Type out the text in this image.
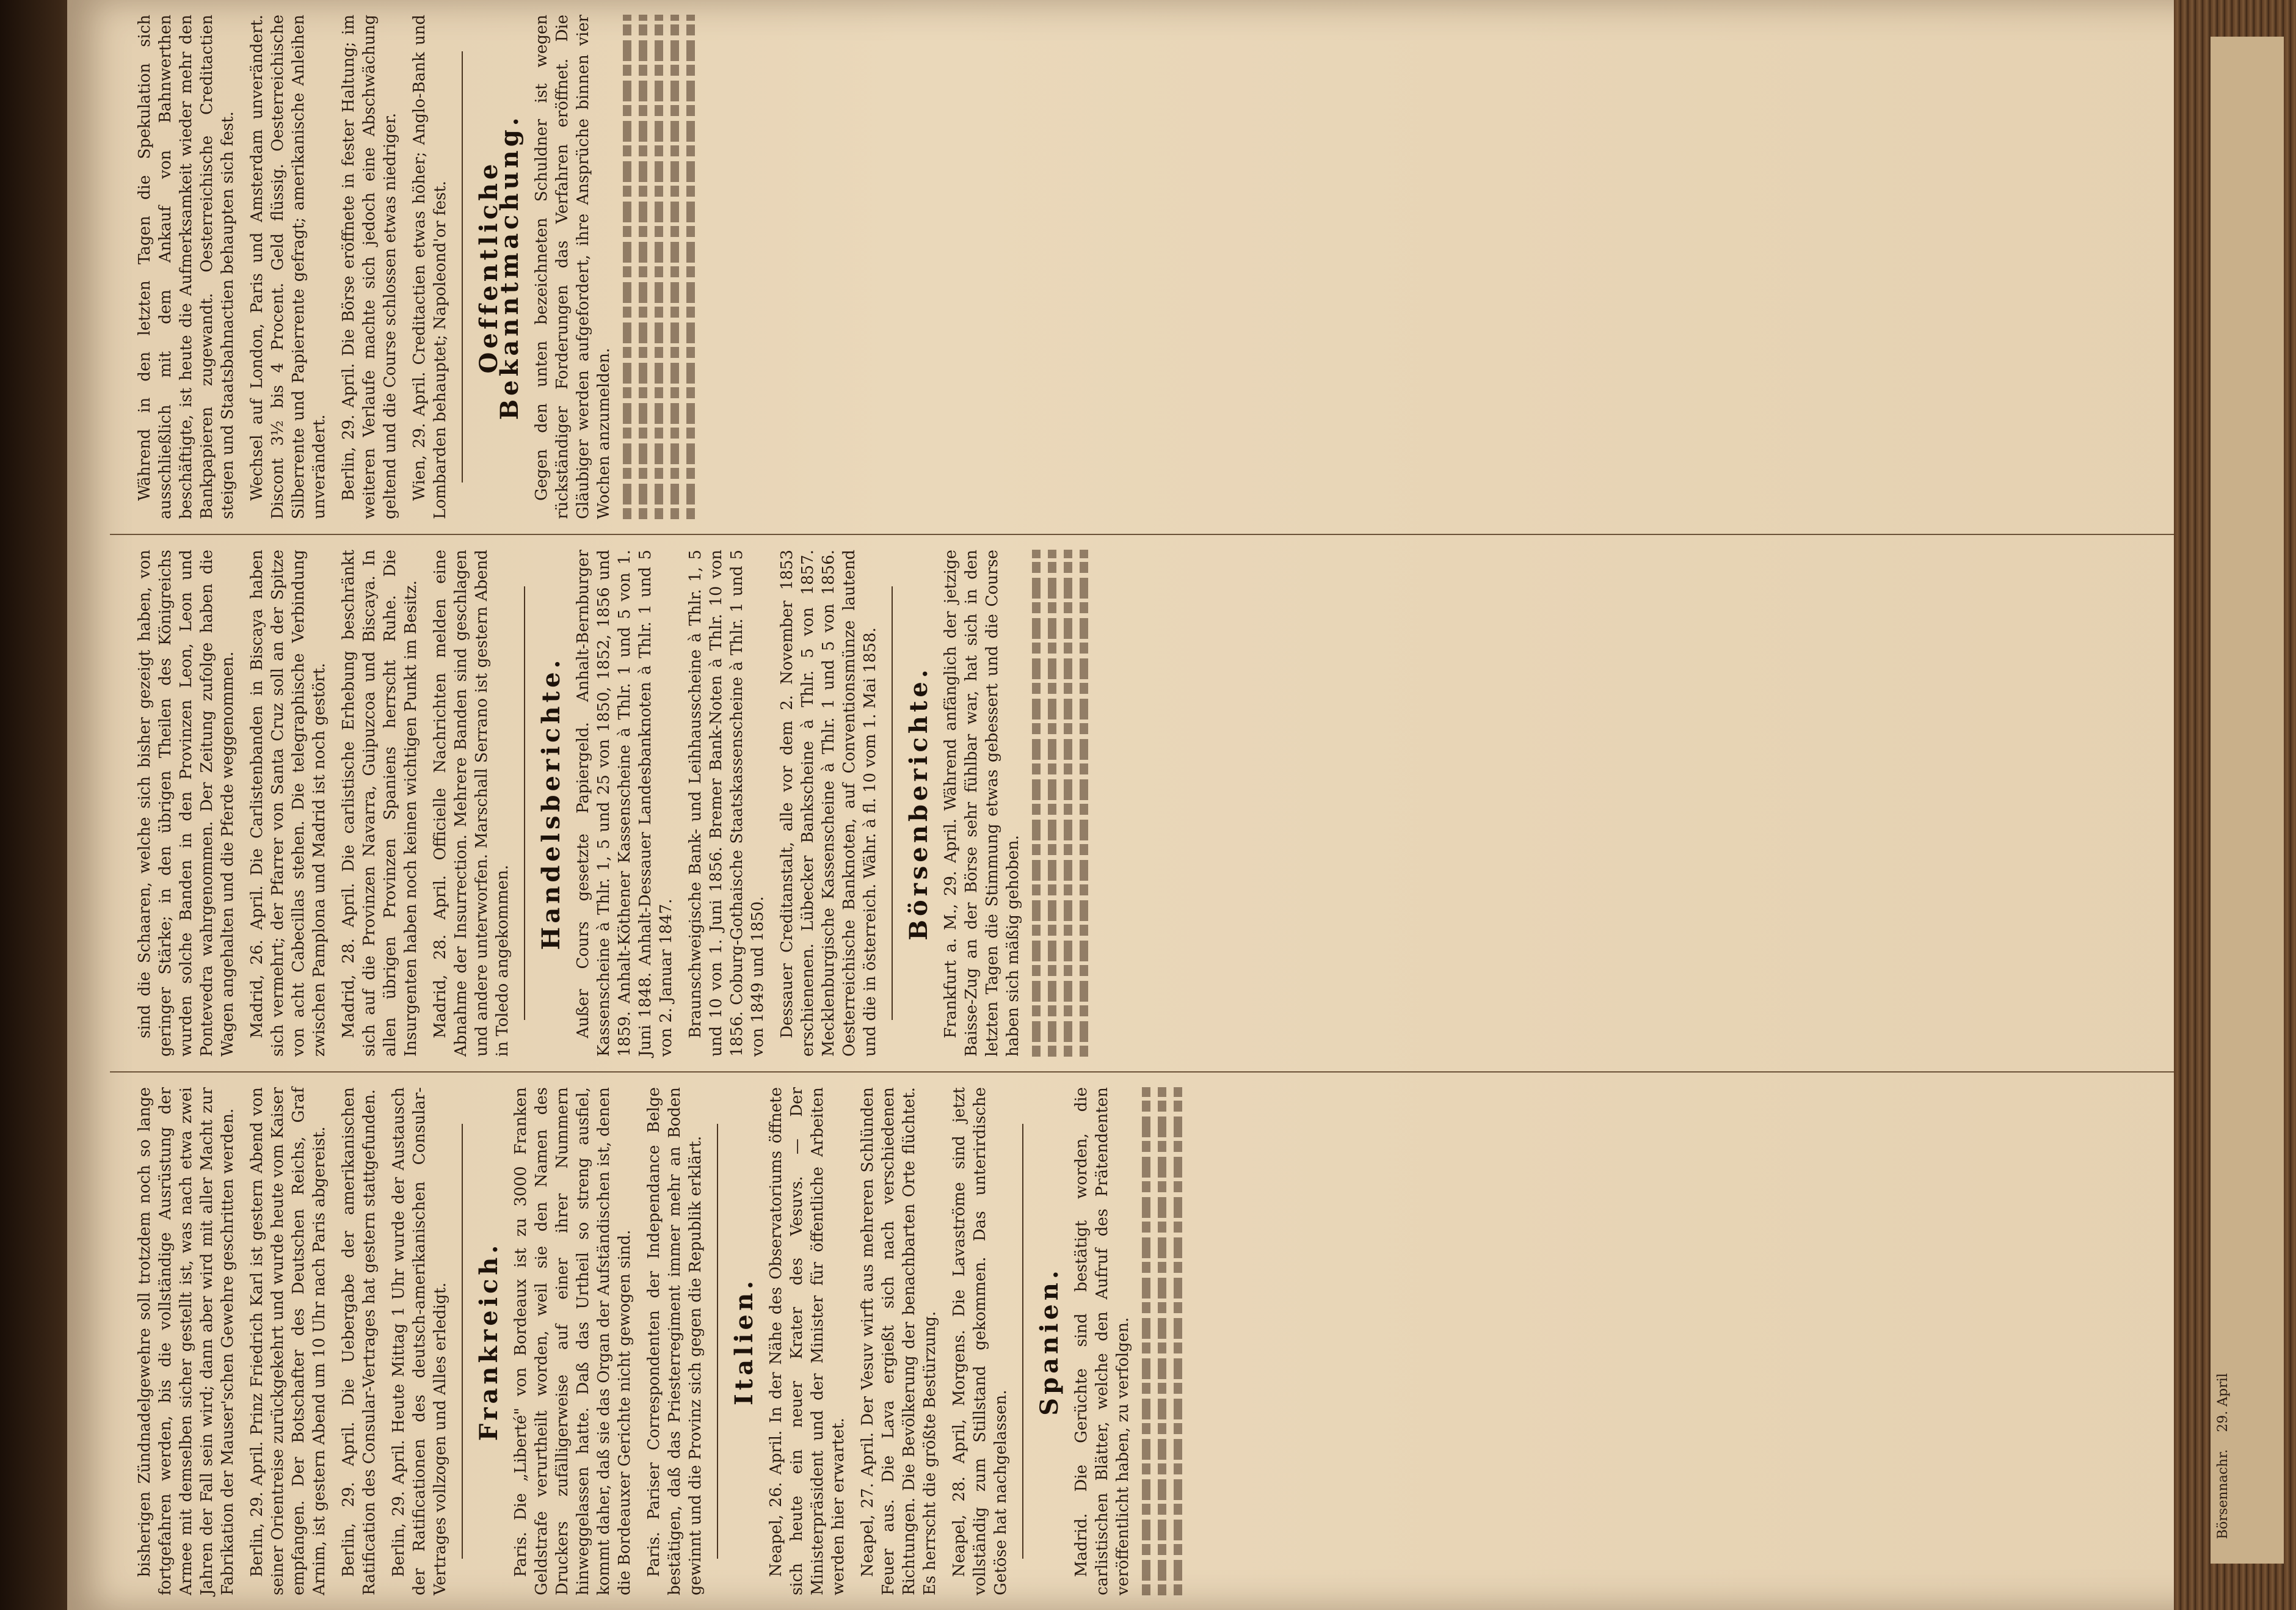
bisherigen Zündnadelgewehre soll trotzdem noch so lange fortgefahren werden, bis die vollständige Ausrüstung der Armee mit demselben sicher gestellt ist, was nach etwa zwei Jahren der Fall sein wird; dann aber wird mit aller Macht zur Fabrikation der Mauser'schen Gewehre geschritten werden. Berlin, 29. April. Prinz Friedrich Karl ist gestern Abend von seiner Orientreise zurückgekehrt und wurde heute vom Kaiser empfangen. Der Botschafter des Deutschen Reichs, Graf Arnim, ist gestern Abend um 10 Uhr nach Paris abgereist. Berlin, 29. April. Die Uebergabe der amerikanischen Ratification des Consular-Vertrages hat gestern stattgefunden. Berlin, 29. April. Heute Mittag 1 Uhr wurde der Austausch der Ratificationen des deutsch-amerikanischen Consular-Vertrages vollzogen und Alles erledigt. Frankreich. Paris. Die „Liberté" von Bordeaux ist zu 3000 Franken Geldstrafe verurtheilt worden, weil sie den Namen des Druckers zufälligerweise auf einer ihrer Nummern hinweggelassen hatte. Daß das Urtheil so streng ausfiel, kommt daher, daß sie das Organ der Aufständischen ist, denen die Bordeauxer Gerichte nicht gewogen sind. Paris. Pariser Correspondenten der Independance Belge bestätigen, daß das Priesterregiment immer mehr an Boden gewinnt und die Provinz sich gegen die Republik erklärt. Italien. Neapel, 26. April. In der Nähe des Observatoriums öffnete sich heute ein neuer Krater des Vesuvs. — Der Ministerpräsident und der Minister für öffentliche Arbeiten werden hier erwartet. Neapel, 27. April. Der Vesuv wirft aus mehreren Schlünden Feuer aus. Die Lava ergießt sich nach verschiedenen Richtungen. Die Bevölkerung der benachbarten Orte flüchtet. Es herrscht die größte Bestürzung. Neapel, 28. April, Morgens. Die Lavaströme sind jetzt vollständig zum Stillstand gekommen. Das unterirdische Getöse hat nachgelassen.

Spanien. Madrid. Die Gerüchte sind bestätigt worden, die carlistischen Blätter, welche den Aufruf des Prätendenten veröffentlicht haben, zu verfolgen.

sind die Schaaren, welche sich bisher gezeigt haben, von geringer Stärke; in den übrigen Theilen des Königreichs wurden solche Banden in den Provinzen Leon, Leon und Pontevedra wahrgenommen. Der Zeitung zufolge haben die Wagen angehalten und die Pferde weggenommen. Madrid, 26. April. Die Carlistenbanden in Biscaya haben sich vermehrt; der Pfarrer von Santa Cruz soll an der Spitze von acht Cabecillas stehen. Die telegraphische Verbindung zwischen Pamplona und Madrid ist noch gestört. Madrid, 28. April. Die carlistische Erhebung beschränkt sich auf die Provinzen Navarra, Guipuzcoa und Biscaya. In allen übrigen Provinzen Spaniens herrscht Ruhe. Die Insurgenten haben noch keinen wichtigen Punkt im Besitz. Madrid, 28. April. Officielle Nachrichten melden eine Abnahme der Insurrection. Mehrere Banden sind geschlagen und andere unterworfen. Marschall Serrano ist gestern Abend in Toledo angekommen.

Handelsberichte. Außer Cours gesetzte Papiergeld. Anhalt-Bernburger Kassenscheine à Thlr. 1, 5 und 25 von 1850, 1852, 1856 und 1859. Anhalt-Köthener Kassenscheine à Thlr. 1 und 5 von 1. Juni 1848. Anhalt-Dessauer Landesbanknoten à Thlr. 1 und 5 von 2. Januar 1847. Braunschweigische Bank- und Leihhausscheine à Thlr. 1, 5 und 10 von 1. Juni 1856. Bremer Bank-Noten à Thlr. 10 von 1856. Coburg-Gothaische Staatskassenscheine à Thlr. 1 und 5 von 1849 und 1850. Dessauer Creditanstalt, alle vor dem 2. November 1853 erschienenen. Lübecker Bankscheine à Thlr. 5 von 1857. Mecklenburgische Kassenscheine à Thlr. 1 und 5 von 1856. Oesterreichische Banknoten, auf Conventionsmünze lautend und die in österreich. Währ. à fl. 10 vom 1. Mai 1858. Börsenberichte. Frankfurt a. M., 29. April. Während anfänglich der jetzige Baisse-Zug an der Börse sehr fühlbar war, hat sich in den letzten Tagen die Stimmung etwas gebessert und die Course haben sich mäßig gehoben.

Während in den letzten Tagen die Spekulation sich ausschließlich mit dem Ankauf von Bahnwerthen beschäftigte, ist heute die Aufmerksamkeit wieder mehr den Bankpapieren zugewandt. Oesterreichische Creditactien steigen und Staatsbahnactien behaupten sich fest. Wechsel auf London, Paris und Amsterdam unverändert. Discont 3½ bis 4 Procent. Geld flüssig. Oesterreichische Silberrente und Papierrente gefragt; amerikanische Anleihen unverändert. Berlin, 29. April. Die Börse eröffnete in fester Haltung; im weiteren Verlaufe machte sich jedoch eine Abschwächung geltend und die Course schlossen etwas niedriger. Wien, 29. April. Creditactien etwas höher; Anglo-Bank und Lombarden behauptet; Napoleond'or fest. Oeffentliche Bekanntmachung. Gegen den unten bezeichneten Schuldner ist wegen rückständiger Forderungen das Verfahren eröffnet. Die Gläubiger werden aufgefordert, ihre Ansprüche binnen vier Wochen anzumelden.

Börsennachr.    29. April
